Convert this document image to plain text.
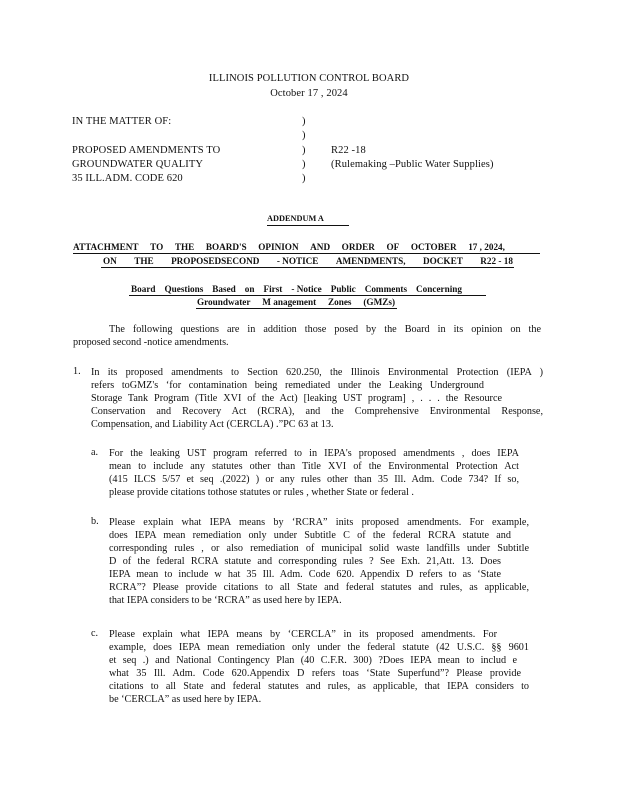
ILLINOIS POLLUTION CONTROL BOARD
October 17 , 2024
IN THE MATTER OF:
PROPOSED AMENDMENTS TO
GROUNDWATER QUALITY
35 ILL.ADM. CODE 620
)
)
)
)
)
R22 -18
(Rulemaking –Public Water Supplies)
ADDENDUM A
ATTACHMENT TO THE BOARD'S OPINION AND ORDER OF OCTOBER 17 , 2024,
ON THE PROPOSEDSECOND - NOTICE AMENDMENTS, DOCKET R22 - 18
Board Questions Based on First - Notice Public Comments Concerning
Groundwater M anagement Zones (GMZs)
The following questions are in addition those posed by the Board in its opinion on the
proposed second -notice amendments.
1. In its proposed amendments to Section 620.250, the Illinois Environmental Protection (IEPA )
refers toGMZ's ‘for contamination being remediated under the Leaking Underground
Storage Tank Program (Title XVI of the Act) [leaking UST program] , . . . the Resource
Conservation and Recovery Act (RCRA), and the Comprehensive Environmental Response,
Compensation, and Liability Act (CERCLA) .”PC 63 at 13.
a. For the leaking UST program referred to in IEPA's proposed amendments , does IEPA
mean to include any statutes other than Title XVI of the Environmental Protection Act
(415 ILCS 5/57 et seq .(2022) ) or any rules other than 35 Ill. Adm. Code 734? If so,
please provide citations tothose statutes or rules , whether State or federal .
b. Please explain what IEPA means by ‘RCRA” inits proposed amendments. For example,
does IEPA mean remediation only under Subtitle C of the federal RCRA statute and
corresponding rules , or also remediation of municipal solid waste landfills under Subtitle
D of the federal RCRA statute and corresponding rules ? See Exh. 21,Att. 13. Does
IEPA mean to include w hat 35 Ill. Adm. Code 620. Appendix D refers to as ‘State
RCRA”? Please provide citations to all State and federal statutes and rules, as applicable,
that IEPA considers to be ‘RCRA” as used here by IEPA.
c. Please explain what IEPA means by ‘CERCLA” in its proposed amendments. For
example, does IEPA mean remediation only under the federal statute (42 U.S.C. §§ 9601
et seq .) and National Contingency Plan (40 C.F.R. 300) ?Does IEPA mean to includ e
what 35 Ill. Adm. Code 620.Appendix D refers toas ‘State Superfund”? Please provide
citations to all State and federal statutes and rules, as applicable, that IEPA considers to
be ‘CERCLA” as used here by IEPA.
